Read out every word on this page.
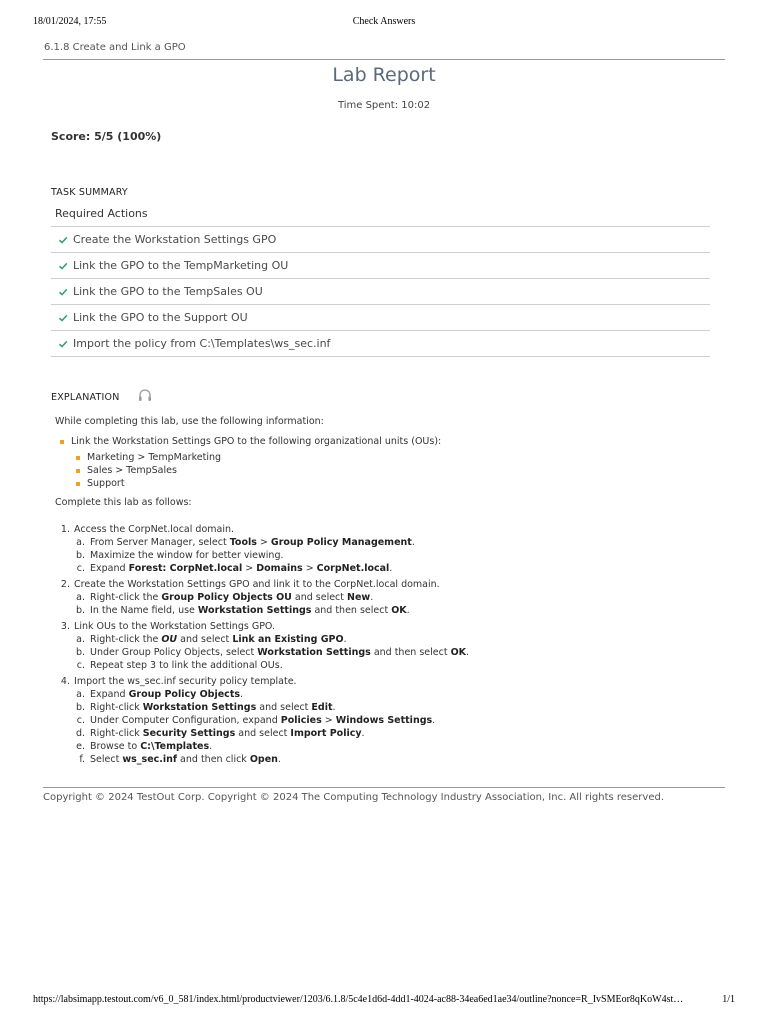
18/01/2024, 17:55	Check Answers
6.1.8 Create and Link a GPO
Lab Report
Time Spent: 10:02
Score: 5/5 (100%)
TASK SUMMARY
Required Actions
Create the Workstation Settings GPO
Link the GPO to the TempMarketing OU
Link the GPO to the TempSales OU
Link the GPO to the Support OU
Import the policy from C:\Templates\ws_sec.inf
EXPLANATION

While completing this lab, use the following information:

Link the Workstation Settings GPO to the following organizational units (OUs):
Marketing > TempMarketing
Sales > TempSales
Support

Complete this lab as follows:

1. Access the CorpNet.local domain.
a. From Server Manager, select Tools > Group Policy Management.
b. Maximize the window for better viewing.
c. Expand Forest: CorpNet.local > Domains > CorpNet.local.
2. Create the Workstation Settings GPO and link it to the CorpNet.local domain.
a. Right-click the Group Policy Objects OU and select New.
b. In the Name field, use Workstation Settings and then select OK.
3. Link OUs to the Workstation Settings GPO.
a. Right-click the OU and select Link an Existing GPO.
b. Under Group Policy Objects, select Workstation Settings and then select OK.
c. Repeat step 3 to link the additional OUs.
4. Import the ws_sec.inf security policy template.
a. Expand Group Policy Objects.
b. Right-click Workstation Settings and select Edit.
c. Under Computer Configuration, expand Policies > Windows Settings.
d. Right-click Security Settings and select Import Policy.
e. Browse to C:\Templates.
f. Select ws_sec.inf and then click Open.
Copyright © 2024 TestOut Corp. Copyright © 2024 The Computing Technology Industry Association, Inc. All rights reserved.
https://labsimapp.testout.com/v6_0_581/index.html/productviewer/1203/6.1.8/5c4e1d6d-4dd1-4024-ac88-34ea6ed1ae34/outline?nonce=R_IvSMEor8qKoW4st…	1/1
